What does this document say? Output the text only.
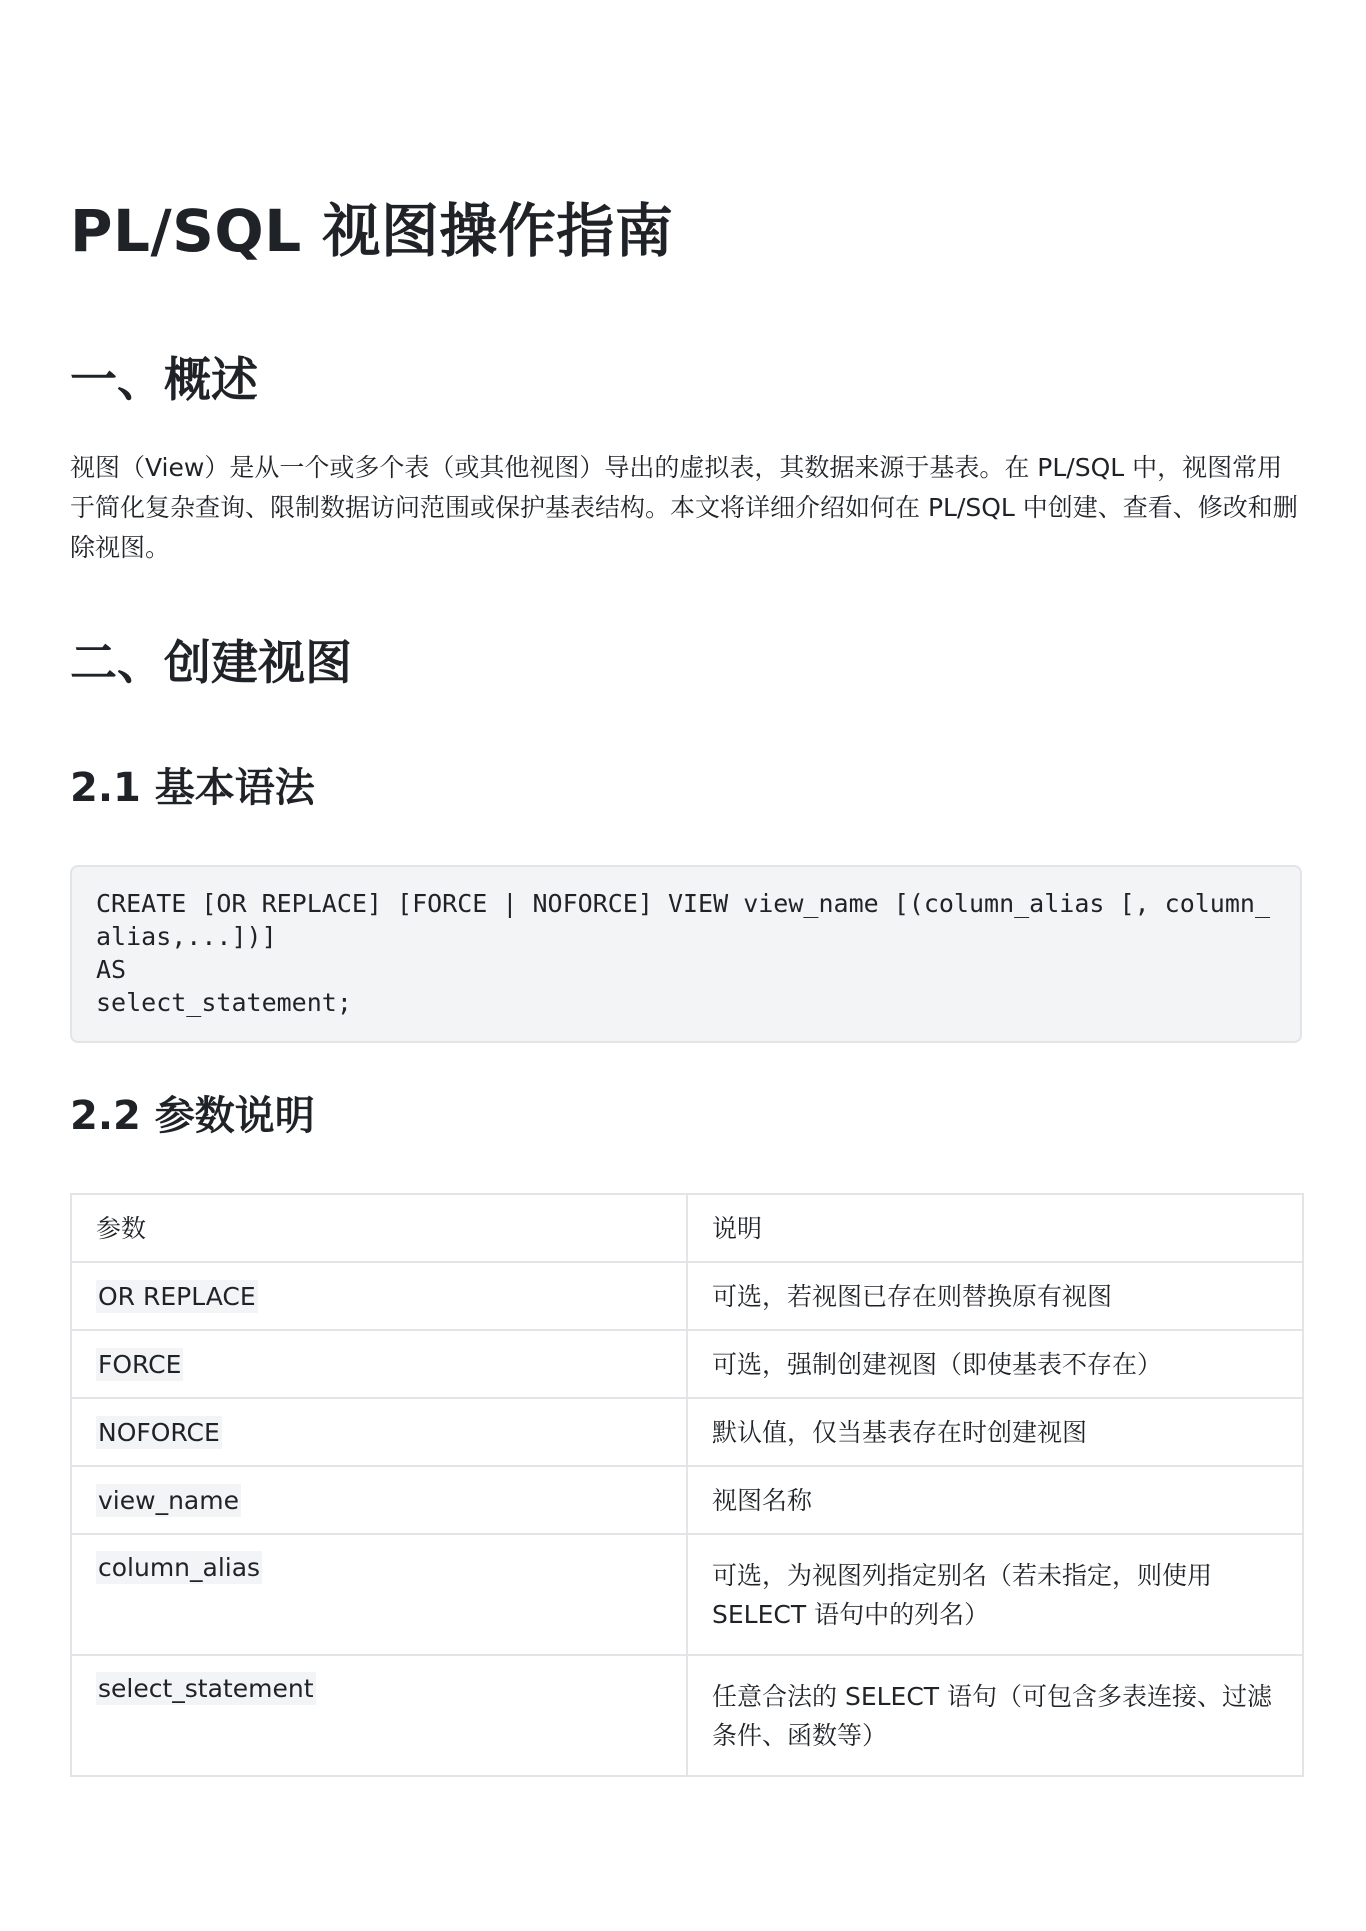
PL/SQL 视图操作指南
一、概述

视图（View）是从一个或多个表（或其他视图）导出的虚拟表，其数据来源于基表。在 PL/SQL 中，视图常用于简化复杂查询、限制数据访问范围或保护基表结构。本文将详细介绍如何在 PL/SQL 中创建、查看、修改和删除视图。

二、创建视图
2.1 基本语法
CREATE [OR REPLACE] [FORCE | NOFORCE] VIEW view_name [(column_alias [, column_alias,...])]
AS
select_statement;
2.2 参数说明
参数	说明
OR REPLACE	可选，若视图已存在则替换原有视图
FORCE	可选，强制创建视图（即使基表不存在）
NOFORCE	默认值，仅当基表存在时创建视图
view_name	视图名称
column_alias	可选，为视图列指定别名（若未指定，则使用 SELECT 语句中的列名）
select_statement	任意合法的 SELECT 语句（可包含多表连接、过滤条件、函数等）
